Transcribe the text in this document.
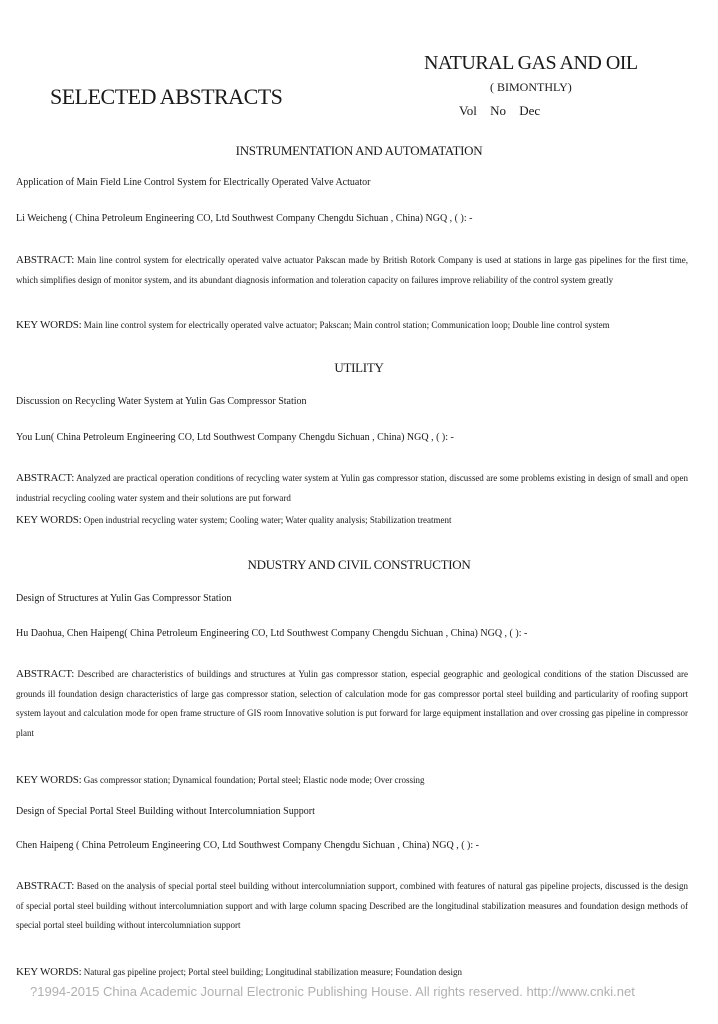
NATURAL GAS AND OIL
( BIMONTHLY)
Vol No Dec
SELECTED ABSTRACTS
INSTRUMENTATION AND AUTOMATATION
Application of Main Field Line Control System for Electrically Operated Valve Actuator
Li Weicheng ( China Petroleum Engineering CO, Ltd Southwest Company Chengdu Sichuan , China) NGQ , ( ): -
ABSTRACT: Main line control system for electrically operated valve actuator Pakscan made by British Rotork Company is used at stations in large gas pipelines for the first time, which simplifies design of monitor system, and its abundant diagnosis information and toleration capacity on failures improve reliability of the control system greatly
KEY WORDS: Main line control system for electrically operated valve actuator; Pakscan; Main control station; Communication loop; Double line control system
UTILITY
Discussion on Recycling Water System at Yulin Gas Compressor Station
You Lun( China Petroleum Engineering CO, Ltd Southwest Company Chengdu Sichuan , China) NGQ , ( ): -
ABSTRACT: Analyzed are practical operation conditions of recycling water system at Yulin gas compressor station, discussed are some problems existing in design of small and open industrial recycling cooling water system and their solutions are put forward
KEY WORDS: Open industrial recycling water system; Cooling water; Water quality analysis; Stabilization treatment
NDUSTRY AND CIVIL CONSTRUCTION
Design of Structures at Yulin Gas Compressor Station
Hu Daohua, Chen Haipeng( China Petroleum Engineering CO, Ltd Southwest Company Chengdu Sichuan , China) NGQ , ( ): -
ABSTRACT: Described are characteristics of buildings and structures at Yulin gas compressor station, especial geographic and geological conditions of the station Discussed are grounds ill foundation design characteristics of large gas compressor station, selection of calculation mode for gas compressor portal steel building and particularity of roofing support system layout and calculation mode for open frame structure of GIS room Innovative solution is put forward for large equipment installation and over crossing gas pipeline in compressor plant
KEY WORDS: Gas compressor station; Dynamical foundation; Portal steel; Elastic node mode; Over crossing
Design of Special Portal Steel Building without Intercolumniation Support
Chen Haipeng ( China Petroleum Engineering CO, Ltd Southwest Company Chengdu Sichuan , China) NGQ , ( ): -
ABSTRACT: Based on the analysis of special portal steel building without intercolumniation support, combined with features of natural gas pipeline projects, discussed is the design of special portal steel building without intercolumniation support and with large column spacing Described are the longitudinal stabilization measures and foundation design methods of special portal steel building without intercolumniation support
KEY WORDS: Natural gas pipeline project; Portal steel building; Longitudinal stabilization measure; Foundation design
?1994-2015 China Academic Journal Electronic Publishing House. All rights reserved. http://www.cnki.net
